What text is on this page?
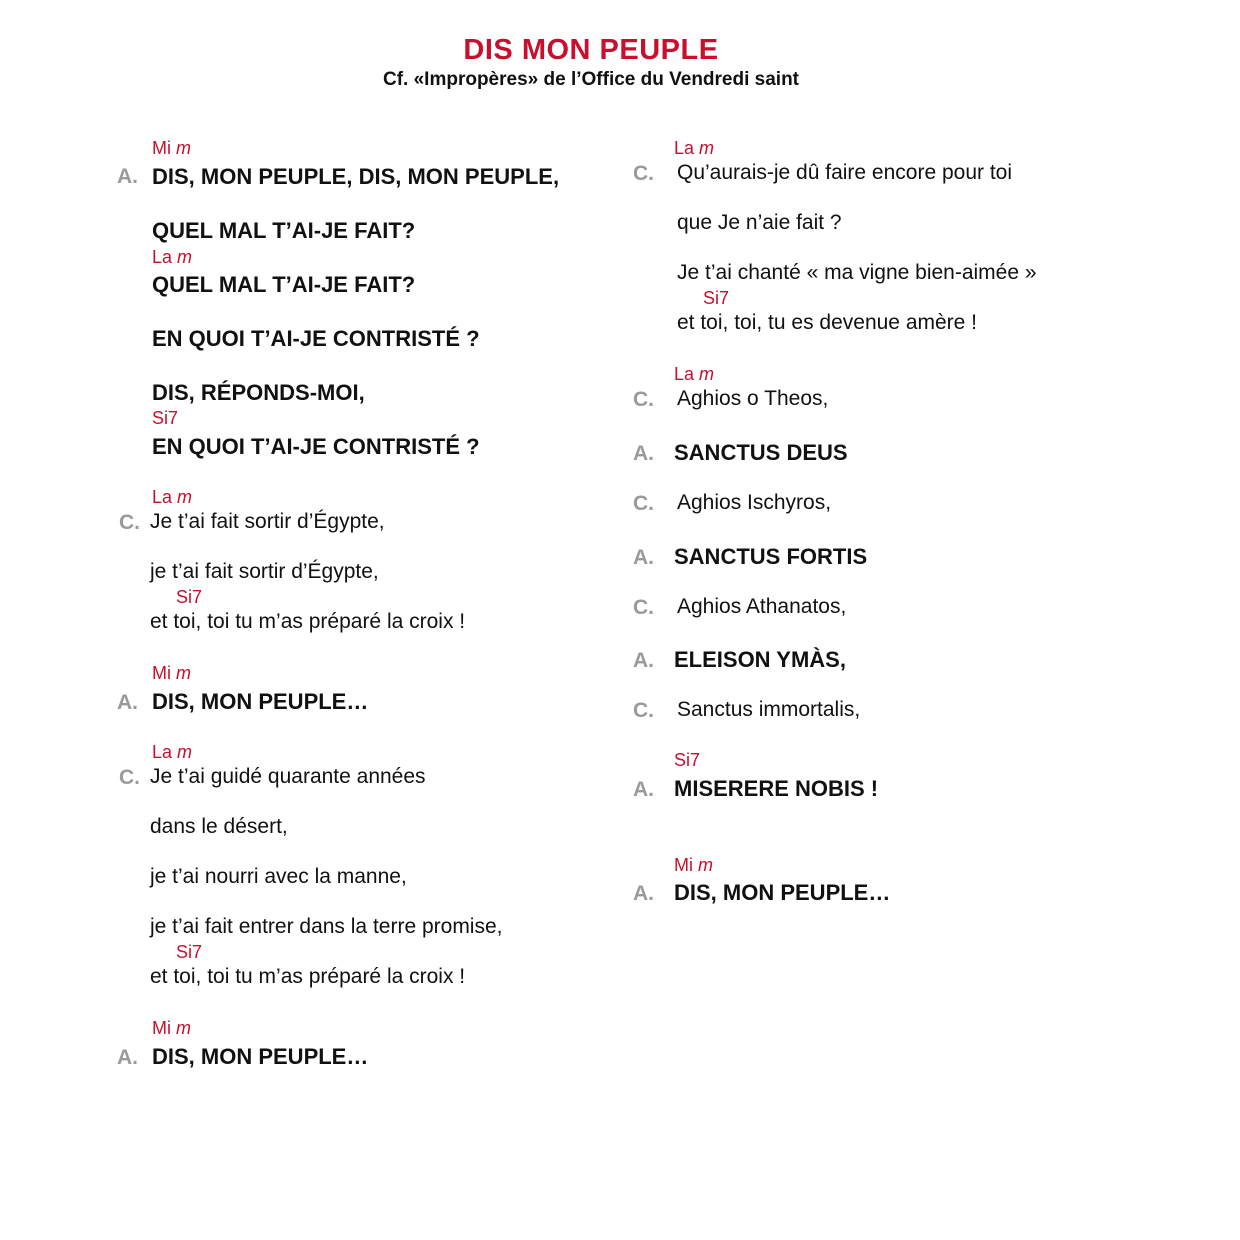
DIS MON PEUPLE
Cf. «Impropères» de l’Office du Vendredi saint
Mi m
A. DIS, MON PEUPLE, DIS, MON PEUPLE,
QUEL MAL T’AI-JE FAIT?
La m
QUEL MAL T’AI-JE FAIT?
EN QUOI T’AI-JE CONTRISTÉ ?
DIS, RÉPONDS-MOI,
Si7
EN QUOI T’AI-JE CONTRISTÉ ?
La m
C. Je t’ai fait sortir d’Égypte,
je t’ai fait sortir d’Égypte,
Si7
et toi, toi tu m’as préparé la croix !
Mi m
A. DIS, MON PEUPLE…
La m
C. Je t’ai guidé quarante années
dans le désert,
je t’ai nourri avec la manne,
je t’ai fait entrer dans la terre promise,
Si7
et toi, toi tu m’as préparé la croix !
Mi m
A. DIS, MON PEUPLE…
La m
C. Qu’aurais-je dû faire encore pour toi
que Je n’aie fait ?
Je t’ai chanté « ma vigne bien-aimée »
Si7
et toi, toi, tu es devenue amère !
La m
C. Aghios o Theos,
A. SANCTUS DEUS
C. Aghios Ischyros,
A. SANCTUS FORTIS
C. Aghios Athanatos,
A. ELEISON YMÀS,
C. Sanctus immortalis,
Si7
A. MISERERE NOBIS !
Mi m
A. DIS, MON PEUPLE…
